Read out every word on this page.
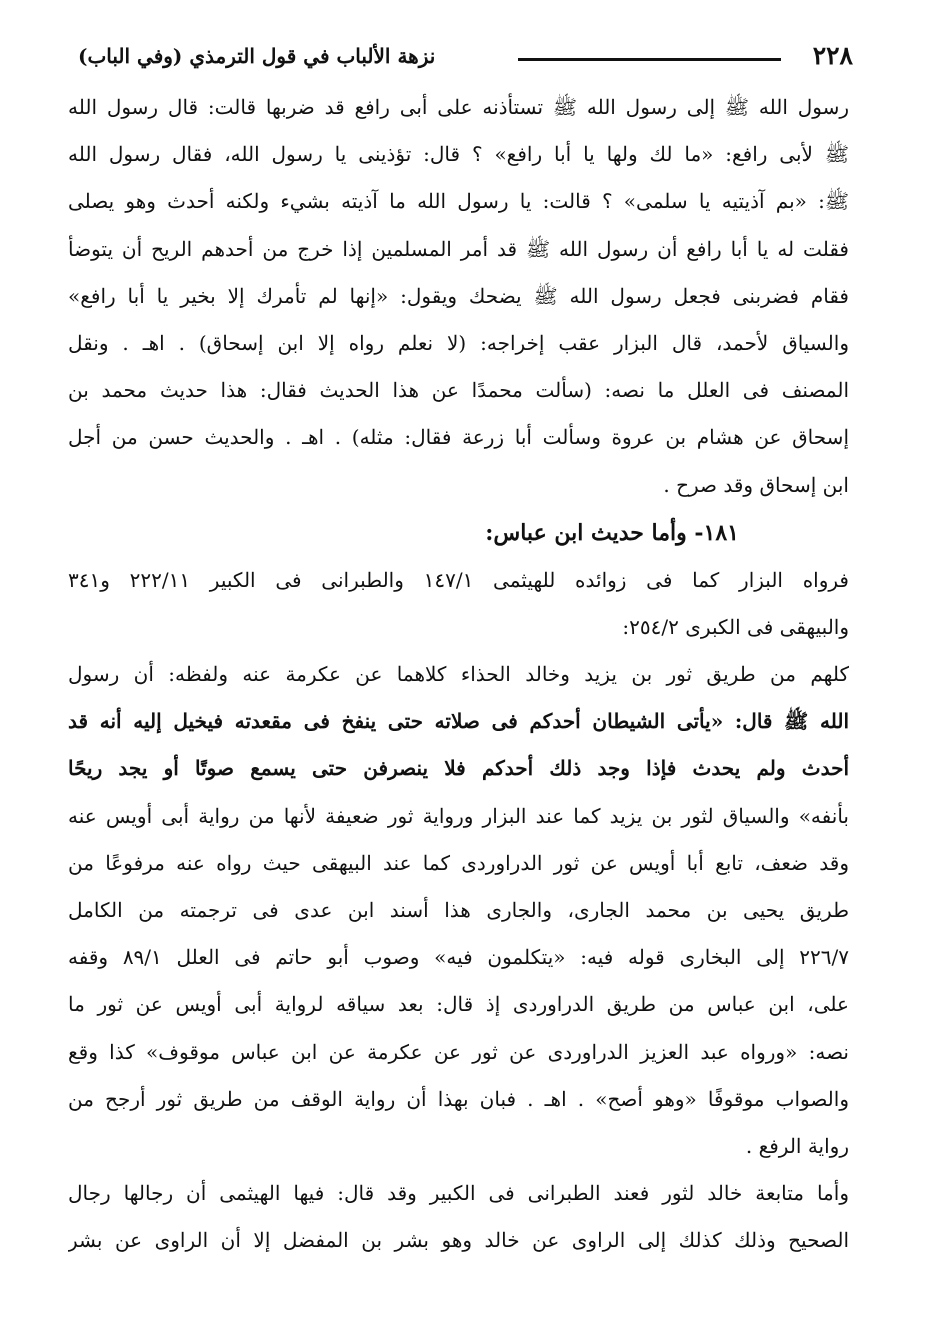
٢٢٨
نزهة الألباب في قول الترمذي (وفي الباب)
رسول الله ﷺ إلى رسول الله ﷺ تستأذنه على أبى رافع قد ضربها قالت: قال رسول الله
ﷺ لأبى رافع: «ما لك ولها يا أبا رافع» ؟ قال: تؤذينى يا رسول الله، فقال رسول الله
ﷺ: «بم آذيتيه يا سلمى» ؟ قالت: يا رسول الله ما آذيته بشيء ولكنه أحدث وهو يصلى
فقلت له يا أبا رافع أن رسول الله ﷺ قد أمر المسلمين إذا خرج من أحدهم الريح أن يتوضأ
فقام فضربنى فجعل رسول الله ﷺ يضحك ويقول: «إنها لم تأمرك إلا بخير يا أبا رافع»
والسياق لأحمد، قال البزار عقب إخراجه: (لا نعلم رواه إلا ابن إسحاق) . اهـ . ونقل
المصنف فى العلل ما نصه: (سألت محمدًا عن هذا الحديث فقال: هذا حديث محمد بن
إسحاق عن هشام بن عروة وسألت أبا زرعة فقال: مثله) . اهـ . والحديث حسن من أجل
ابن إسحاق وقد صرح .
١٨١- وأما حديث ابن عباس:
فرواه البزار كما فى زوائده للهيثمى ١٤٧/١ والطبرانى فى الكبير ٢٢٢/١١ و٣٤١
والبيهقى فى الكبرى ٢٥٤/٢:
كلهم من طريق ثور بن يزيد وخالد الحذاء كلاهما عن عكرمة عنه ولفظه: أن رسول
الله ﷺ قال: «يأتى الشيطان أحدكم فى صلاته حتى ينفخ فى مقعدته فيخيل إليه أنه قد
أحدث ولم يحدث فإذا وجد ذلك أحدكم فلا ينصرفن حتى يسمع صوتًا أو يجد ريحًا
بأنفه» والسياق لثور بن يزيد كما عند البزار ورواية ثور ضعيفة لأنها من رواية أبى أويس عنه
وقد ضعف، تابع أبا أويس عن ثور الدراوردى كما عند البيهقى حيث رواه عنه مرفوعًا من
طريق يحيى بن محمد الجارى، والجارى هذا أسند ابن عدى فى ترجمته من الكامل
٢٢٦/٧ إلى البخارى قوله فيه: «يتكلمون فيه» وصوب أبو حاتم فى العلل ٨٩/١ وقفه
على، ابن عباس من طريق الدراوردى إذ قال: بعد سياقه لرواية أبى أويس عن ثور ما
نصه: «ورواه عبد العزيز الدراوردى عن ثور عن عكرمة عن ابن عباس موقوف» كذا وقع
والصواب موقوفًا «وهو أصح» . اهـ . فبان بهذا أن رواية الوقف من طريق ثور أرجح من
رواية الرفع .
وأما متابعة خالد لثور فعند الطبرانى فى الكبير وقد قال: فيها الهيثمى أن رجالها رجال
الصحيح وذلك كذلك إلى الراوى عن خالد وهو بشر بن المفضل إلا أن الراوى عن بشر
